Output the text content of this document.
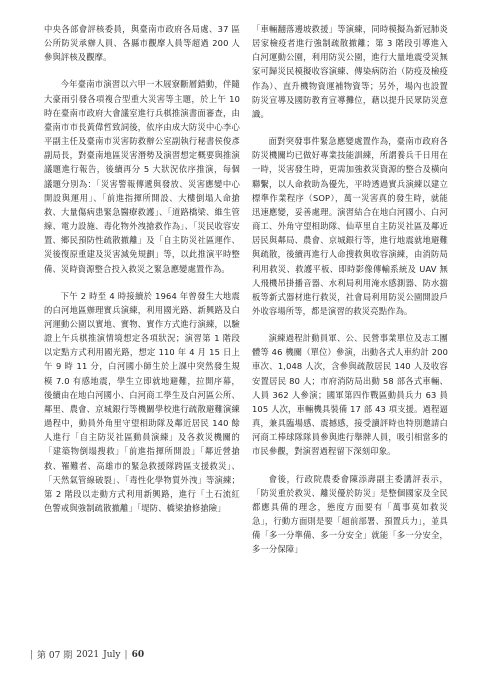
中央各部會評核委員，與臺南市政府各局處、37 區公所防災承辦人員、各縣市觀摩人員等超過 200 人參與評核及觀摩。

今年臺南市演習以六甲一木屐寮斷層錯動，伴隨大豪雨引發各項複合型重大災害等主題，於上午 10 時在臺南市政府大會議室進行兵棋推演書面審查，由臺南市市長黃偉哲致詞後，依序由成大防災中心李心平副主任及臺南市災害防救辦公室副執行秘書侯俊彥副局長，對臺南地區災害潛勢及演習想定概要與推演議題進行報告，後續再分 5 大狀況依序推演，每個議題分別為：「災害警報傳遞與發放、災害應變中心開設與運用」、「前進指揮所開設、大樓倒塌人命搶救、大量傷病患緊急醫療救護」、「道路橋梁、維生管線、電力設施、毒化物外洩搶救作為」、「災民收容安置、鄉民預防性疏散撤離」及「自主防災社區運作、災後復原重建及災害減免規劃」等，以此推演平時整備、災時資源整合投入救災之緊急應變處置作為。

下午 2 時至 4 時接續於 1964 年曾發生大地震的白河地區辦理實兵演練，利用國光路、新興路及白河運動公園以實地、實物、實作方式進行演練，以驗證上午兵棋推演情境想定各項狀況；演習第 1 階段以定點方式利用國光路，想定 110 年 4 月 15 日上午 9 時 11 分，白河國小師生於上課中突然發生規模 7.0 有感地震，學生立即就地避難，拉開序幕，後續由在地白河國小、白河商工學生及白河區公所、鄰里、農會、京城銀行等機關學校進行疏散避難演練過程中，動員外角里守望相助隊及鄰近居民 140 餘人進行「自主防災社區動員演練」及各救災機關的「建築物倒塌搜救」「前進指揮所開設」「鄰近營搶救、罹難者、高雄市的緊急救援隊跨區支援救災」、「天然氣管線破裂」、「毒性化學物質外洩」等演練；第 2 階段以走動方式利用新興路，進行「土石流紅色警戒與強制疏散撤離」「堤防、橋梁搶修搶險」

「車輛翻落邊坡救援」等演練，同時模擬為新冠肺炎居家檢疫者進行強制疏散撤離；第 3 階段引導進入白河運動公園，利用防災公園，進行大量地震受災無家可歸災民模擬收容演練、傳染病防治（防疫及檢疫作為）、直升機物資運補物資等；另外，場內也設置防災宣導及國防教育宣導攤位，藉以提升民眾防災意識。

面對突發事件緊急應變處置作為，臺南市政府各防災機關均已做好專業技能訓練，所謂養兵千日用在一時，災害發生時，更需加強救災資源的整合及橫向聯繫，以人命救助為優先，平時透過實兵演練以建立標準作業程序（SOP），萬一災害真的發生時，就能迅速應變，妥善處理。演習結合在地白河國小、白河商工、外角守望相助隊、仙草里自主防災社區及鄰近居民與鄰局、農會、京城銀行等，進行地震就地避難與疏散，後續再進行人命搜救與收容演練，由消防局利用救災、救護平板、即時影像傳輸系統及 UAV 無人飛機吊掛播音器、水利局利用淹水感測器、防水擋板等新式器材進行救災，社會局利用防災公園開設戶外收容場所等，都是演習的救災亮點作為。

演練過程計動員軍、公、民營事業單位及志工團體等 46 機關（單位）參演，出動各式人車約計 200 車次、1,048 人次，含參與疏散居民 140 人及收容安置居民 80 人；市府消防局出動 58 部各式車輛、人員 362 人參演；國軍第四作戰區動員兵力 63 員 105 人次，車輛機具裝備 17 部 43 項支援。過程逼真，兼具臨場感、震撼感，接受讀評時也特別邀請白河商工棒球隊隊員參與進行舉牌人員，吸引相當多的市民參觀，對演習過程留下深刻印象。

會後，行政院農委會陳添壽副主委講評表示，「防災重於救災、離災優於防災」是整個國家及全民都應具備的理念，態度方面要有「萬事莫如救災急」，行動方面則是要「超前部署、預置兵力」，並具備「多一分準備、多一分安全」就能「多一分安全，多一分保障」

| 第 07 期 2021 July | 60
